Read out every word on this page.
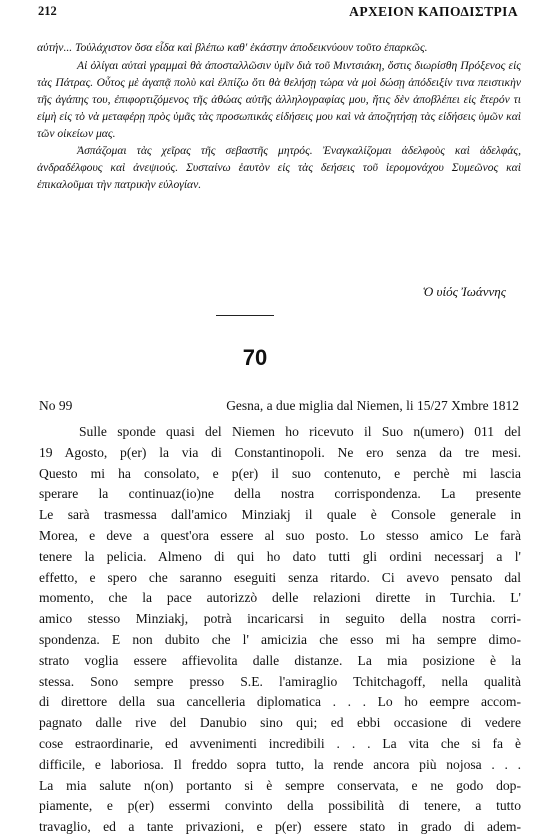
212	ΑΡΧΕΙΟΝ ΚΑΠΟΔΙΣΤΡΙΑ

αὐτήν... Τοὐλάχιστον ὅσα εἶδα καὶ βλέπω καθ' ἑκάστην ἀποδεικνύουν τοῦτο ἐπαρκῶς.

Αἱ ὀλίγαι αὐταὶ γραμμαὶ θὰ ἀποσταλλῶσιν ὑμῖν διὰ τοῦ Μιντσιάκη, ὅστις διωρίσθη Πρόξενος εἰς τὰς Πάτρας. Οὗτος μὲ ἀγαπᾷ πολὺ καὶ ἐλπίζω ὅτι θὰ θελήσῃ τώρα νὰ μοὶ δώσῃ ἀπόδειξίν τινα πειστικὴν τῆς ἀγάπης του, ἐπιφορτιζόμενος τῆς ἀθώας αὐτῆς ἀλληλογραφίας μου, ἥτις δὲν ἀποβλέπει εἰς ἕτερόν τι εἰμὴ εἰς τὸ νὰ μεταφέρῃ πρὸς ὑμᾶς τὰς προσωπικάς εἰδήσεις μου καὶ νὰ ἀποζητήσῃ τὰς εἰδήσεις ὑμῶν καὶ τῶν οἰκείων μας.

Ἀσπάζομαι τὰς χεῖρας τῆς σεβαστῆς μητρός. Ἐναγκαλίζομαι ἀδελφοὺς καὶ ἀδελφάς, ἀνδραδέλφους καὶ ἀνεψιούς. Συσταίνω ἑαυτὸν εἰς τὰς δεήσεις τοῦ ἱερομονάχου Συμεῶνος καὶ ἐπικαλοῦμαι τὴν πατρικὴν εὐλογίαν.

Ὁ υἱός Ἰωάννης
70
No 99	Gesna, a due miglia dal Niemen, li 15/27 Xmbre 1812
Sulle sponde quasi del Niemen ho ricevuto il Suo n(umero) 011 del
19 Agosto, p(er) la via di Constantinopoli. Ne ero senza da tre mesi.
Questo mi ha consolato, e p(er) il suo contenuto, e perchè mi lascia
sperare la continuaz(io)ne della nostra corrispondenza. La presente
Le sarà trasmessa dall'amico Minziakj il quale è Console generale in
Morea, e deve a quest'ora essere al suo posto. Lo stesso amico Le farà
tenere la pelicia. Almeno di qui ho dato tutti gli ordini necessarj a l'
effetto, e spero che saranno eseguiti senza ritardo. Ci avevo pensato dal
momento, che la pace autorizzò delle relazioni dirette in Turchia. L'
amico stesso Minziakj, potrà incaricarsi in seguito della nostra corri-
spondenza. E non dubito che l' amicizia che esso mi ha sempre dimo-
strato voglia essere affievolita dalle distanze. La mia posizione è la
stessa. Sono sempre presso S.E. l'amiraglio Tchitchagoff, nella qualità
di direttore della sua cancelleria diplomatica . . . Lo ho eempre accom-
pagnato dalle rive del Danubio sino qui; ed ebbi occasione di vedere
cose estraordinarie, ed avvenimenti incredibili . . . La vita che si fa è
difficile, e laboriosa. Il freddo sopra tutto, la rende ancora più nojosa . . .
La mia salute n(on) portanto si è sempre conservata, e ne godo dop-
piamente, e p(er) essermi convinto della possibilità di tenere, a tutto
travaglio, ed a tante privazioni, e p(er) essere stato in grado di adem-
